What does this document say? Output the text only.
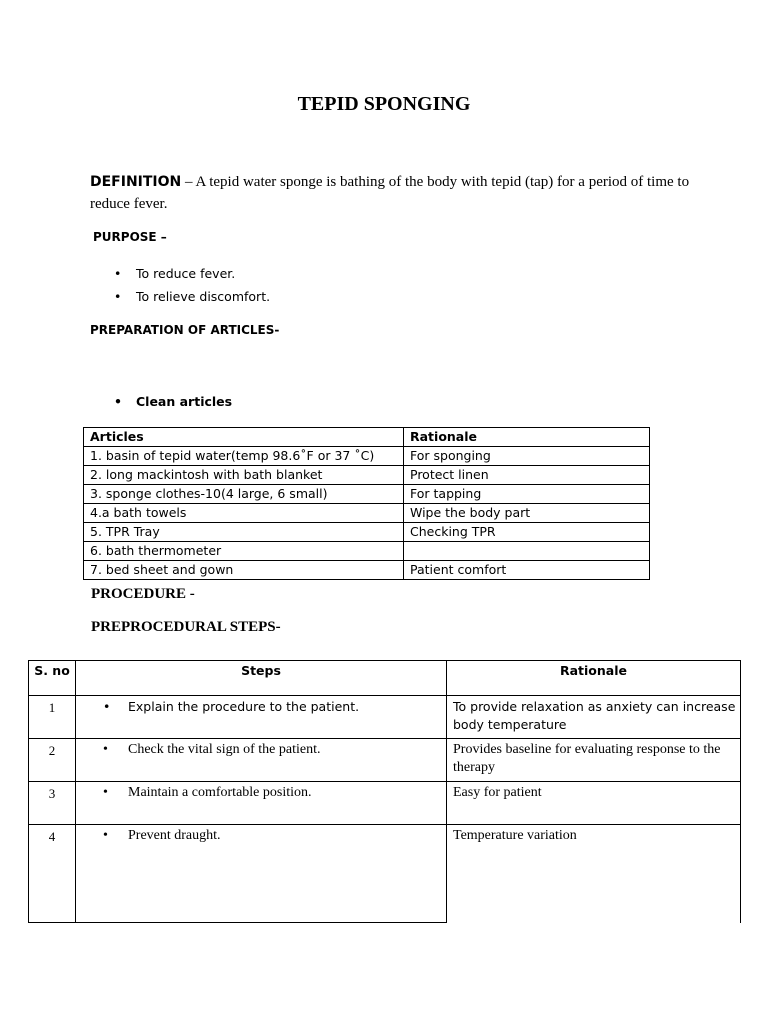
TEPID SPONGING
DEFINITION – A tepid water sponge is bathing of the body with tepid (tap) for a period of time to reduce fever.
PURPOSE –
• To reduce fever.
• To relieve discomfort.
PREPARATION OF ARTICLES-
• Clean articles
Articles	Rationale
1. basin of tepid water(temp 98.6˚F or 37 ˚C)	For sponging
2. long mackintosh with bath blanket	Protect linen
3. sponge clothes-10(4 large, 6 small)	For tapping
4.a bath towels	Wipe the body part
5. TPR Tray	Checking TPR
6. bath thermometer	
7. bed sheet and gown	Patient comfort
PROCEDURE -
PREPROCEDURAL STEPS-
S. no	Steps	Rationale
1	• Explain the procedure to the patient.	To provide relaxation as anxiety can increase body temperature
2	• Check the vital sign of the patient.	Provides baseline for evaluating response to the therapy
3	• Maintain a comfortable position.	Easy for patient
4	• Prevent draught.	Temperature variation
